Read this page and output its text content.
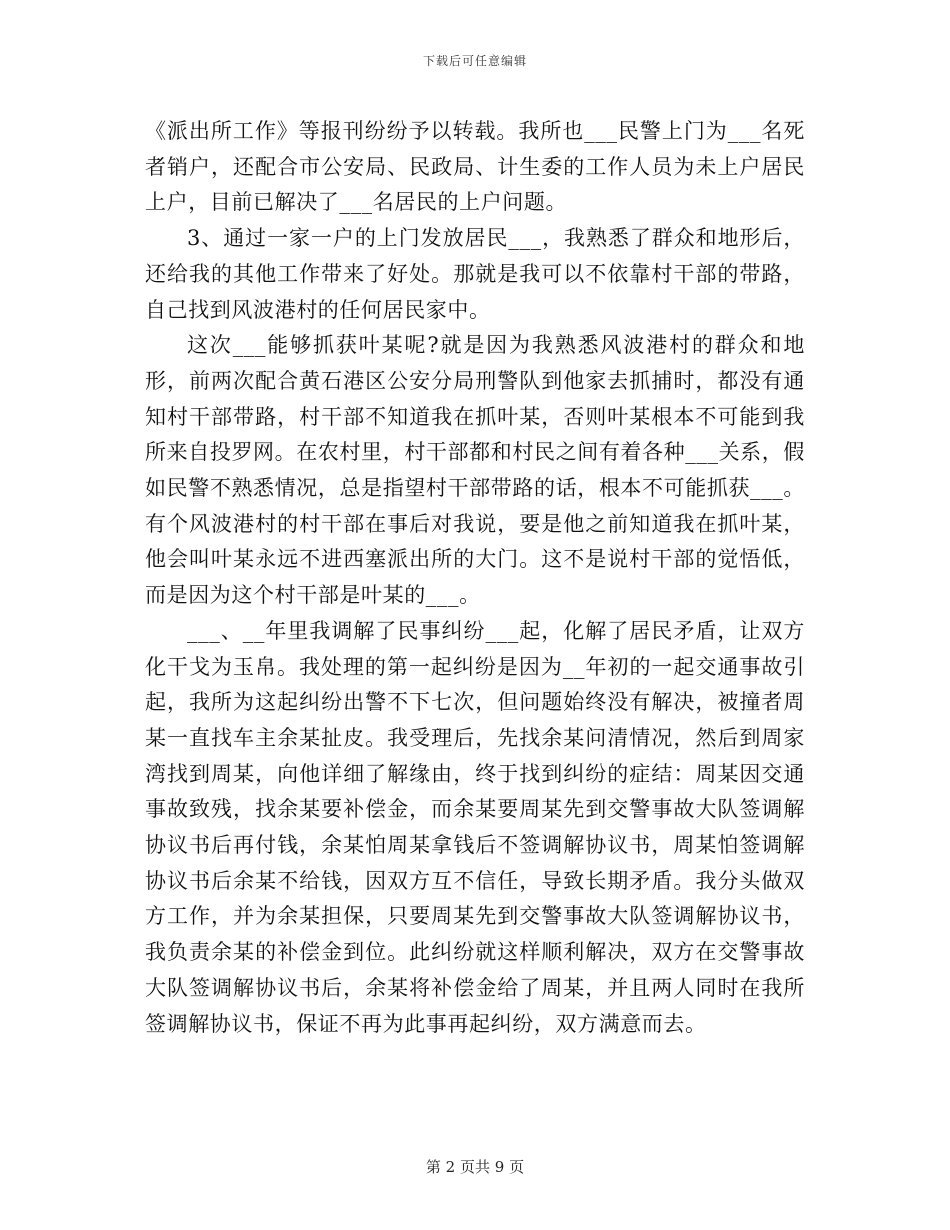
下载后可任意编辑

《派出所工作》等报刊纷纷予以转载。我所也___民警上门为___名死者销户，还配合市公安局、民政局、计生委的工作人员为未上户居民上户，目前已解决了___名居民的上户问题。

3、通过一家一户的上门发放居民___，我熟悉了群众和地形后，还给我的其他工作带来了好处。那就是我可以不依靠村干部的带路，自己找到风波港村的任何居民家中。

这次___能够抓获叶某呢?就是因为我熟悉风波港村的群众和地形，前两次配合黄石港区公安分局刑警队到他家去抓捕时，都没有通知村干部带路，村干部不知道我在抓叶某，否则叶某根本不可能到我所来自投罗网。在农村里，村干部都和村民之间有着各种___关系，假如民警不熟悉情况，总是指望村干部带路的话，根本不可能抓获___。有个风波港村的村干部在事后对我说，要是他之前知道我在抓叶某，他会叫叶某永远不进西塞派出所的大门。这不是说村干部的觉悟低，而是因为这个村干部是叶某的___。

___、__年里我调解了民事纠纷___起，化解了居民矛盾，让双方化干戈为玉帛。我处理的第一起纠纷是因为__年初的一起交通事故引起，我所为这起纠纷出警不下七次，但问题始终没有解决，被撞者周某一直找车主余某扯皮。我受理后，先找余某问清情况，然后到周家湾找到周某，向他详细了解缘由，终于找到纠纷的症结：周某因交通事故致残，找余某要补偿金，而余某要周某先到交警事故大队签调解协议书后再付钱，余某怕周某拿钱后不签调解协议书，周某怕签调解协议书后余某不给钱，因双方互不信任，导致长期矛盾。我分头做双方工作，并为余某担保，只要周某先到交警事故大队签调解协议书，我负责余某的补偿金到位。此纠纷就这样顺利解决，双方在交警事故大队签调解协议书后，余某将补偿金给了周某，并且两人同时在我所签调解协议书，保证不再为此事再起纠纷，双方满意而去。

第 2 页共 9 页
